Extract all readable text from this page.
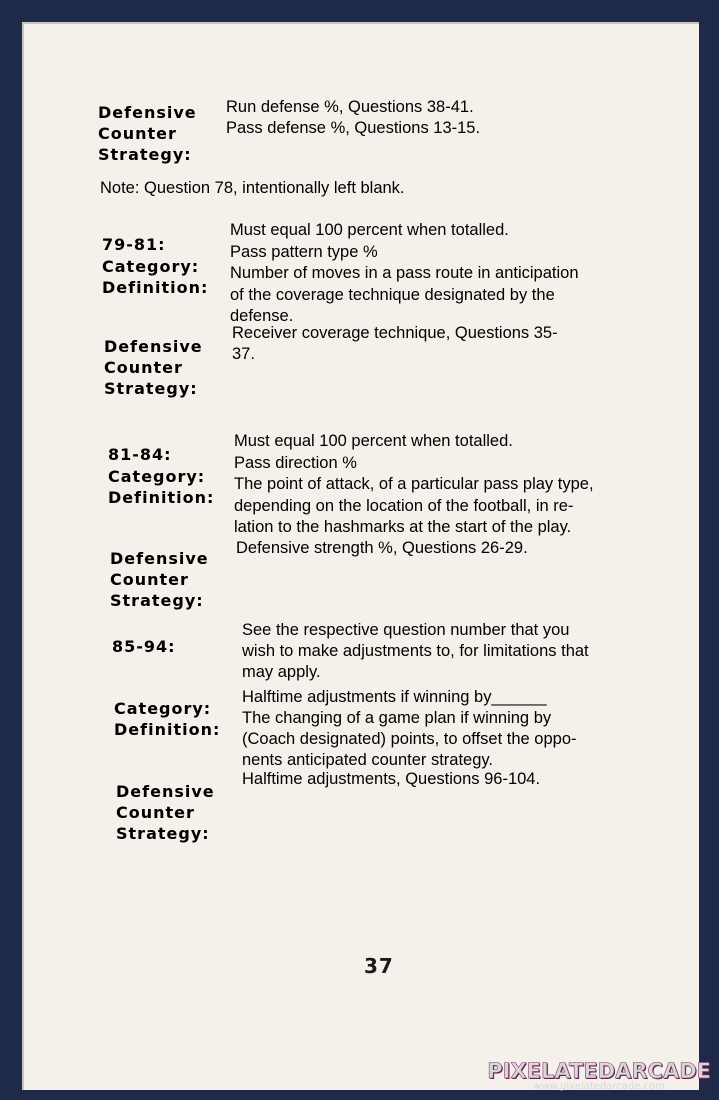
Defensive
Counter
Strategy:
Run defense %, Questions 38-41.
Pass defense %, Questions 13-15.
Note: Question 78, intentionally left blank.
79-81:
Category:
Definition:
Must equal 100 percent when totalled.
Pass pattern type %
Number of moves in a pass route in anticipation
of the coverage technique designated by the
defense.
Defensive
Counter
Strategy:
Receiver coverage technique, Questions 35-
37.
81-84:
Category:
Definition:
Must equal 100 percent when totalled.
Pass direction %
The point of attack, of a particular pass play type,
depending on the location of the football, in re-
lation to the hashmarks at the start of the play.
Defensive
Counter
Strategy:
Defensive strength %, Questions 26-29.
85-94:
See the respective question number that you
wish to make adjustments to, for limitations that
may apply.
Category:
Definition:
Halftime adjustments if winning by______
The changing of a game plan if winning by
(Coach designated) points, to offset the oppo-
nents anticipated counter strategy.
Defensive
Counter
Strategy:
Halftime adjustments, Questions 96-104.
37
PIXELATEDARCADE
www.pixelatedarcade.com
